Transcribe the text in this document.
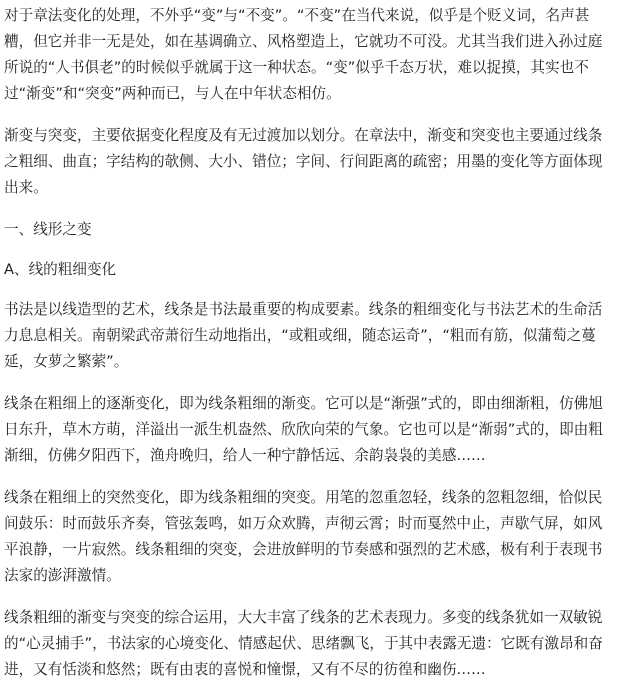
对于章法变化的处理，不外乎“变”与“不变”。“不变”在当代来说，似乎是个贬义词，名声甚糟，但它并非一无是处，如在基调确立、风格塑造上，它就功不可没。尤其当我们进入孙过庭所说的“人书俱老”的时候似乎就属于这一种状态。“变”似乎千态万状，难以捉摸，其实也不过“渐变”和“突变”两种而已，与人在中年状态相仿。

渐变与突变，主要依据变化程度及有无过渡加以划分。在章法中，渐变和突变也主要通过线条之粗细、曲直；字结构的欹侧、大小、错位；字间、行间距离的疏密；用墨的变化等方面体现出来。

一、线形之变

A、线的粗细变化

书法是以线造型的艺术，线条是书法最重要的构成要素。线条的粗细变化与书法艺术的生命活力息息相关。南朝梁武帝萧衍生动地指出，“或粗或细，随态运奇”，“粗而有筋，似蒲萄之蔓延，女萝之繁萦”。

线条在粗细上的逐渐变化，即为线条粗细的渐变。它可以是“渐强”式的，即由细渐粗，仿佛旭日东升，草木方萌，洋溢出一派生机盎然、欣欣向荣的气象。它也可以是“渐弱”式的，即由粗渐细，仿佛夕阳西下，渔舟晚归，给人一种宁静恬远、余韵袅袅的美感……

线条在粗细上的突然变化，即为线条粗细的突变。用笔的忽重忽轻，线条的忽粗忽细，恰似民间鼓乐：时而鼓乐齐奏，管弦轰鸣，如万众欢腾，声彻云霄；时而戛然中止，声歇气屏，如风平浪静，一片寂然。线条粗细的突变，会进放鲜明的节奏感和强烈的艺术感，极有利于表现书法家的澎湃激情。

线条粗细的渐变与突变的综合运用，大大丰富了线条的艺术表现力。多变的线条犹如一双敏锐的“心灵捕手”，书法家的心境变化、情感起伏、思绪飘飞，于其中表露无遗：它既有激昂和奋进，又有恬淡和悠然；既有由衷的喜悦和憧憬，又有不尽的彷徨和幽伤……
